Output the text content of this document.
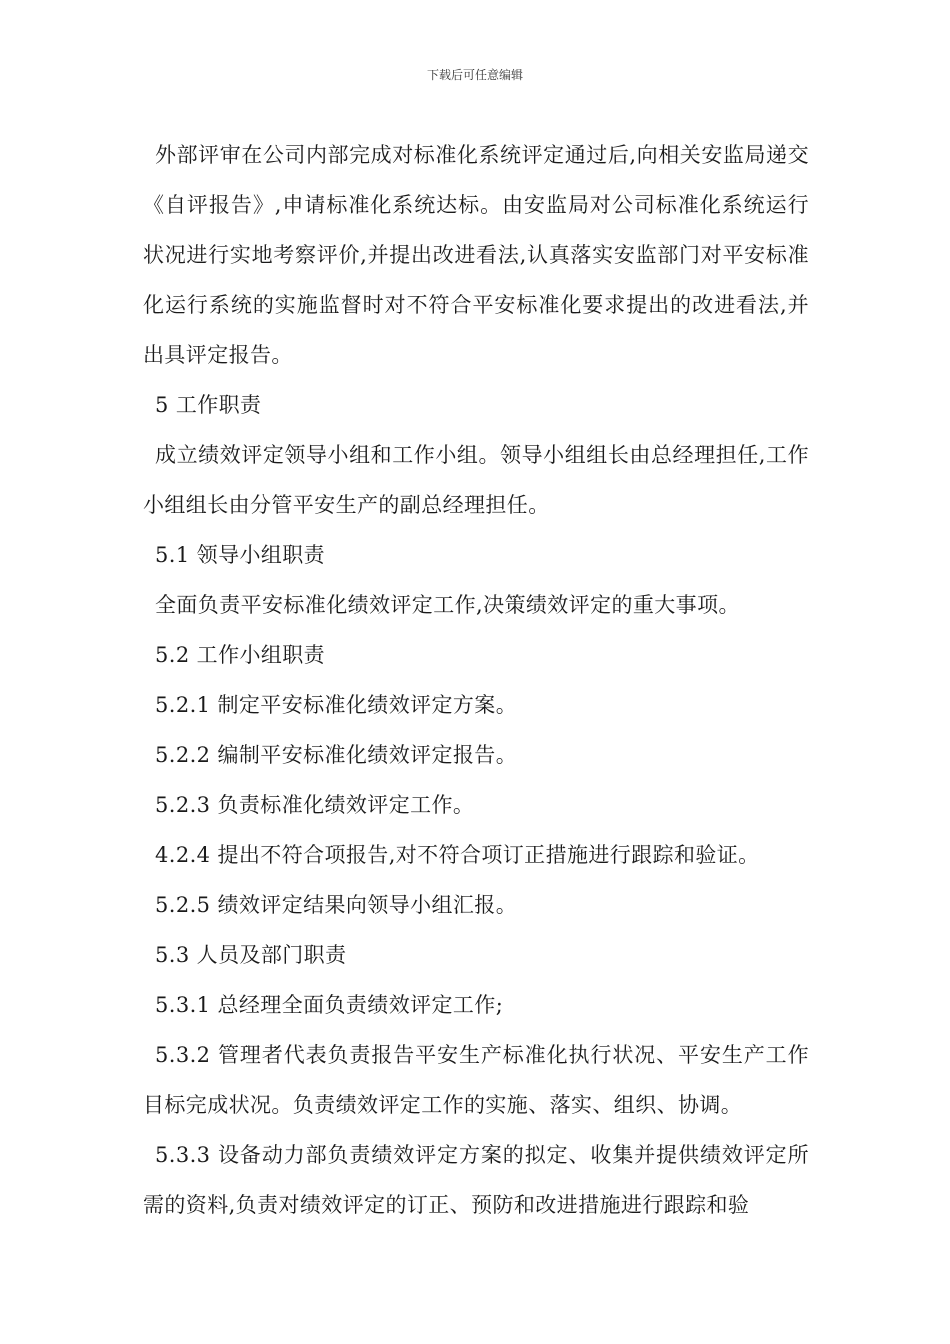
下载后可任意编辑

外部评审在公司内部完成对标准化系统评定通过后,向相关安监局递交《自评报告》,申请标准化系统达标。由安监局对公司标准化系统运行状况进行实地考察评价,并提出改进看法,认真落实安监部门对平安标准化运行系统的实施监督时对不符合平安标准化要求提出的改进看法,并出具评定报告。

5 工作职责

成立绩效评定领导小组和工作小组。领导小组组长由总经理担任,工作小组组长由分管平安生产的副总经理担任。

5.1 领导小组职责

全面负责平安标准化绩效评定工作,决策绩效评定的重大事项。

5.2 工作小组职责

5.2.1 制定平安标准化绩效评定方案。

5.2.2 编制平安标准化绩效评定报告。

5.2.3 负责标准化绩效评定工作。

4.2.4 提出不符合项报告,对不符合项订正措施进行跟踪和验证。

5.2.5 绩效评定结果向领导小组汇报。

5.3 人员及部门职责

5.3.1 总经理全面负责绩效评定工作;

5.3.2 管理者代表负责报告平安生产标准化执行状况、平安生产工作目标完成状况。负责绩效评定工作的实施、落实、组织、协调。

5.3.3 设备动力部负责绩效评定方案的拟定、收集并提供绩效评定所需的资料,负责对绩效评定的订正、预防和改进措施进行跟踪和验
